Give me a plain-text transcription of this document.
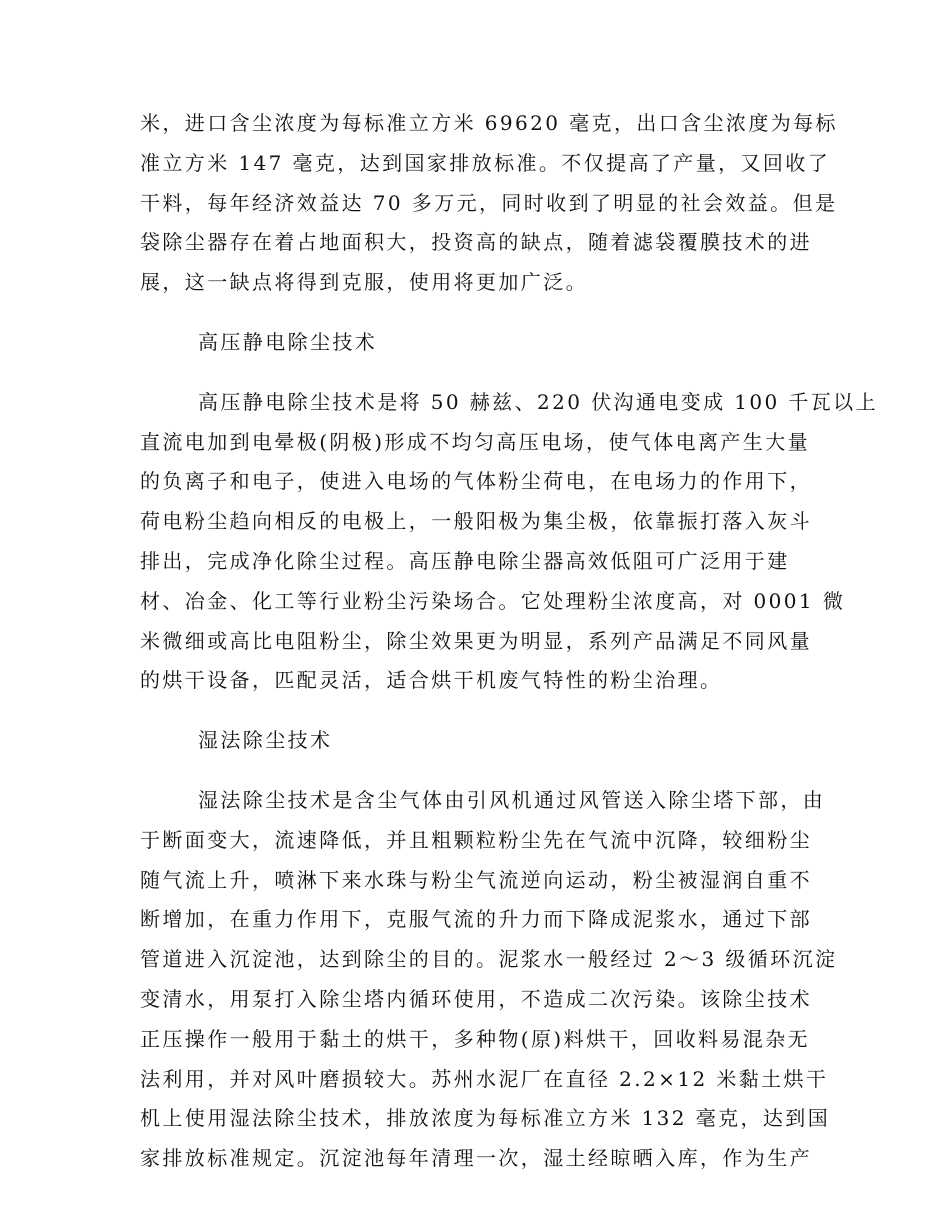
米，进口含尘浓度为每标准立方米 69620 毫克，出口含尘浓度为每标
准立方米 147 毫克，达到国家排放标准。不仅提高了产量，又回收了
干料，每年经济效益达 70 多万元，同时收到了明显的社会效益。但是
袋除尘器存在着占地面积大，投资高的缺点，随着滤袋覆膜技术的进
展，这一缺点将得到克服，使用将更加广泛。
高压静电除尘技术
高压静电除尘技术是将 50 赫兹、220 伏沟通电变成 100 千瓦以上
直流电加到电晕极(阴极)形成不均匀高压电场，使气体电离产生大量
的负离子和电子，使进入电场的气体粉尘荷电，在电场力的作用下，
荷电粉尘趋向相反的电极上，一般阳极为集尘极，依靠振打落入灰斗
排出，完成净化除尘过程。高压静电除尘器高效低阻可广泛用于建
材、冶金、化工等行业粉尘污染场合。它处理粉尘浓度高，对 0001 微
米微细或高比电阻粉尘，除尘效果更为明显，系列产品满足不同风量
的烘干设备，匹配灵活，适合烘干机废气特性的粉尘治理。
湿法除尘技术
湿法除尘技术是含尘气体由引风机通过风管送入除尘塔下部，由
于断面变大，流速降低，并且粗颗粒粉尘先在气流中沉降，较细粉尘
随气流上升，喷淋下来水珠与粉尘气流逆向运动，粉尘被湿润自重不
断增加，在重力作用下，克服气流的升力而下降成泥浆水，通过下部
管道进入沉淀池，达到除尘的目的。泥浆水一般经过 2～3 级循环沉淀
变清水，用泵打入除尘塔内循环使用，不造成二次污染。该除尘技术
正压操作一般用于黏土的烘干，多种物(原)料烘干，回收料易混杂无
法利用，并对风叶磨损较大。苏州水泥厂在直径 2.2×12 米黏土烘干
机上使用湿法除尘技术，排放浓度为每标准立方米 132 毫克，达到国
家排放标准规定。沉淀池每年清理一次，湿土经晾晒入库，作为生产
